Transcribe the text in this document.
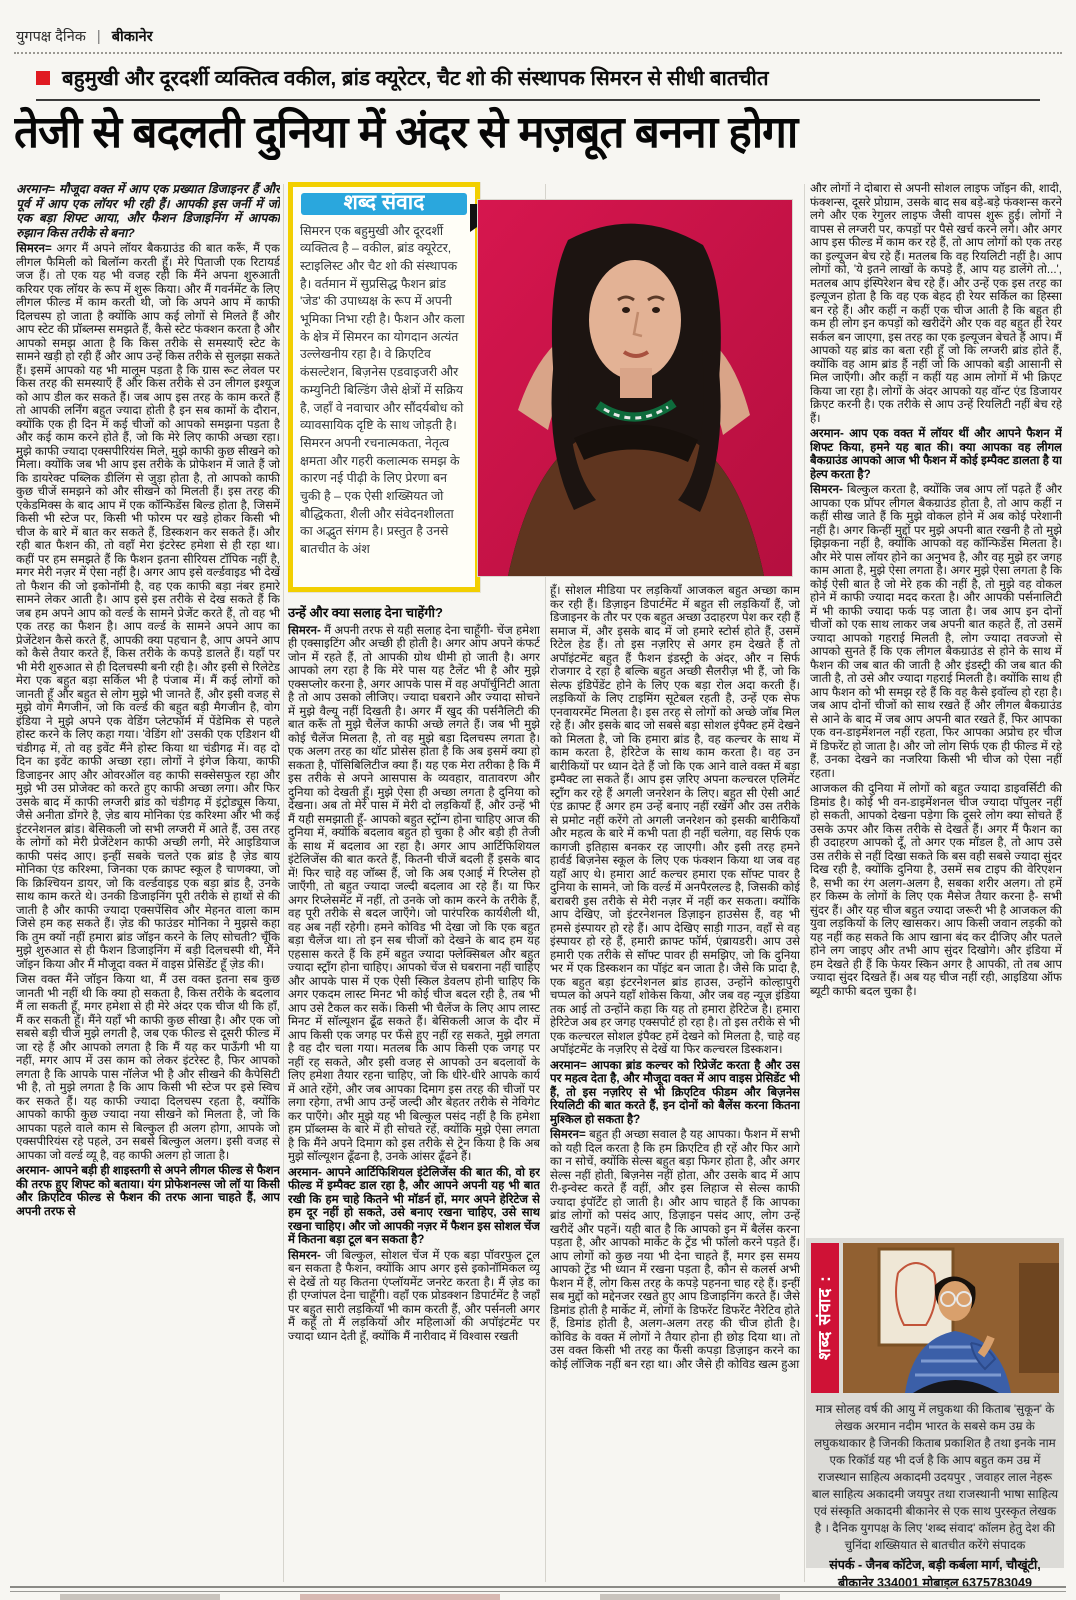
युगपक्ष दैनिक | बीकानेर
बहुमुखी और दूरदर्शी व्यक्तित्व वकील, ब्रांड क्यूरेटर, चैट शो की संस्थापक सिमरन से सीधी बातचीत
तेजी से बदलती दुनिया में अंदर से मज़बूत बनना होगा

अरमान= मौजूदा वक्त में आप एक प्रख्यात डिजाइनर हैं और पूर्व में आप एक लॉयर भी रही हैं। आपकी इस जर्नी में जो एक बड़ा शिफ्ट आया, और फैशन डिजाइनिंग में आपका रुझान किस तरीके से बना?

सिमरन= अगर मैं अपने लॉयर बैकग्राउंड की बात करूँ, मैं एक लीगल फैमिली को बिलॉन्ग करती हूँ। मेरे पिताजी एक रिटायर्ड जज हैं। तो एक यह भी वजह रही कि मैंने अपना शुरुआती करियर एक लॉयर के रूप में शुरू किया। और मैं गवर्नमेंट के लिए लीगल फील्ड में काम करती थी, जो कि अपने आप में काफी दिलचस्प हो जाता है क्योंकि आप कई लोगों से मिलते हैं और आप स्टेट की प्रॉब्लम्स समझते हैं, कैसे स्टेट फंक्शन करता है और आपको समझ आता है कि किस तरीके से समस्याएँ स्टेट के सामने खड़ी हो रही हैं और आप उन्हें किस तरीके से सुलझा सकते हैं। इसमें आपको यह भी मालूम पड़ता है कि ग्रास रूट लेवल पर किस तरह की समस्याएँ हैं और किस तरीके से उन लीगल इश्यूज को आप डील कर सकते हैं। जब आप इस तरह के काम करते हैं तो आपकी लर्निंग बहुत ज्यादा होती है इन सब कामों के दौरान, क्योंकि एक ही दिन में कई चीजों को आपको समझना पड़ता है और कई काम करने होते हैं, जो कि मेरे लिए काफी अच्छा रहा। मुझे काफी ज्यादा एक्सपीरियंस मिले, मुझे काफी कुछ सीखने को मिला। क्योंकि जब भी आप इस तरीके के प्रोफेशन में जाते हैं जो कि डायरेक्ट पब्लिक डीलिंग से जुड़ा होता है, तो आपको काफी कुछ चीजें समझने को और सीखने को मिलती हैं। इस तरह की एकेडमिक्स के बाद आप में एक कॉन्फिडेंस बिल्ड होता है, जिसमें किसी भी स्टेज पर, किसी भी फोरम पर खड़े होकर किसी भी चीज के बारे में बात कर सकते हैं, डिस्कशन कर सकते हैं। और रही बात फैशन की, तो वहाँ मेरा इंटरेस्ट हमेशा से ही रहा था। कहीं पर हम समझते हैं कि फैशन इतना सीरियस टॉपिक नहीं है, मगर मेरी नज़र में ऐसा नहीं है। अगर आप इसे वर्ल्डवाइड भी देखें तो फैशन की जो इकोनॉमी है, वह एक काफी बड़ा नंबर हमारे सामने लेकर आती है। आप इसे इस तरीके से देख सकते हैं कि जब हम अपने आप को वर्ल्ड के सामने प्रेजेंट करते हैं, तो वह भी एक तरह का फैशन है। आप वर्ल्ड के सामने अपने आप का प्रेजेंटेशन कैसे करते हैं, आपकी क्या पहचान है, आप अपने आप को कैसे तैयार करते हैं, किस तरीके के कपड़े डालते हैं। यहाँ पर भी मेरी शुरुआत से ही दिलचस्पी बनी रही है। और इसी से रिलेटेड मेरा एक बहुत बड़ा सर्किल भी है पंजाब में। मैं कई लोगों को जानती हूँ और बहुत से लोग मुझे भी जानते हैं, और इसी वजह से मुझे वोग मैगजीन, जो कि वर्ल्ड की बहुत बड़ी मैगजीन है, वोग इंडिया ने मुझे अपने एक वेडिंग प्लेटफॉर्म में पेंडेमिक से पहले होस्ट करने के लिए कहा गया। 'वेडिंग शो' उसकी एक एडिशन थी चंडीगढ़ में, तो वह इवेंट मैंने होस्ट किया था चंडीगढ़ में। वह दो दिन का इवेंट काफी अच्छा रहा। लोगों ने इंगेज किया, काफी डिजाइनर आए और ओवरऑल वह काफी सक्सेसफुल रहा और मुझे भी उस प्रोजेक्ट को करते हुए काफी अच्छा लगा। और फिर उसके बाद में काफी लग्जरी ब्रांड को चंडीगढ़ में इंट्रोड्यूस किया, जैसे अनीता डोंगरे है, ज़ेड बाय मोनिका एंड करिश्मा और भी कई इंटरनेशनल ब्रांड। बेसिकली जो सभी लग्जरी में आते हैं, उस तरह के लोगों को मेरी प्रेजेंटेशन काफी अच्छी लगी, मेरे आइडियाज काफी पसंद आए। इन्हीं सबके चलते एक ब्रांड है ज़ेड बाय मोनिका एंड करिश्मा, जिनका एक क्राफ्ट स्कूल है चाणक्या, जो कि क्रिश्चियन डायर, जो कि वर्ल्डवाइड एक बड़ा ब्रांड है, उनके साथ काम करते थे। उनकी डिजाइनिंग पूरी तरीके से हाथों से की जाती है और काफी ज्यादा एक्सपेंसिव और मेहनत वाला काम जिसे हम कह सकते हैं। ज़ेड की फाउंडर मोनिका ने मुझसे कहा कि तुम क्यों नहीं हमारा ब्रांड जॉइन करने के लिए सोचती? चूँकि मुझे शुरुआत से ही फैशन डिजाइनिंग में बड़ी दिलचस्पी थी, मैंने जॉइन किया और मैं मौजूदा वक्त में वाइस प्रेसिडेंट हूँ ज़ेड की।

जिस वक्त मैंने जॉइन किया था, मैं उस वक्त इतना सब कुछ जानती भी नहीं थी कि क्या हो सकता है, किस तरीके के बदलाव मैं ला सकती हूँ, मगर हमेशा से ही मेरे अंदर एक चीज थी कि हाँ, मैं कर सकती हूँ। मैंने यहाँ भी काफी कुछ सीखा है। और एक जो सबसे बड़ी चीज मुझे लगती है, जब एक फील्ड से दूसरी फील्ड में जा रहे हैं और आपको लगता है कि मैं यह कर पाऊँगी भी या नहीं, मगर आप में उस काम को लेकर इंटरेस्ट है, फिर आपको लगता है कि आपके पास नॉलेज भी है और सीखने की कैपेसिटी भी है, तो मुझे लगता है कि आप किसी भी स्टेज पर इसे स्विच कर सकते हैं। यह काफी ज्यादा दिलचस्प रहता है, क्योंकि आपको काफी कुछ ज्यादा नया सीखने को मिलता है, जो कि आपका पहले वाले काम से बिल्कुल ही अलग होगा, आपके जो एक्सपीरियंस रहे पहले, उन सबसे बिल्कुल अलग। इसी वजह से आपका जो वर्ल्ड व्यू है, वह काफी अलग हो जाता है।

अरमान- आपने बड़ी ही शाइस्तगी से अपने लीगल फील्ड से फैशन की तरफ हुए शिफ्ट को बताया। यंग प्रोफेशनल्स जो लॉ या किसी और क्रिएटिव फील्ड से फैशन की तरफ आना चाहते हैं, आप अपनी तरफ से

शब्द संवाद
सिमरन एक बहुमुखी और दूरदर्शी व्यक्तित्व है – वकील, ब्रांड क्यूरेटर, स्टाइलिस्ट और चैट शो की संस्थापक है। वर्तमान में सुप्रसिद्ध फैशन ब्रांड 'जेड' की उपाध्यक्ष के रूप में अपनी भूमिका निभा रही है। फैशन और कला के क्षेत्र में सिमरन का योगदान अत्यंत उल्लेखनीय रहा है। वे क्रिएटिव कंसल्टेशन, बिज़नेस एडवाइजरी और कम्युनिटी बिल्डिंग जैसे क्षेत्रों में सक्रिय है, जहाँ वे नवाचार और सौंदर्यबोध को व्यावसायिक दृष्टि के साथ जोड़ती है। सिमरन अपनी रचनात्मकता, नेतृत्व क्षमता और गहरी कलात्मक समझ के कारण नई पीढ़ी के लिए प्रेरणा बन चुकी है – एक ऐसी शख्सियत जो बौद्धिकता, शैली और संवेदनशीलता का अद्भुत संगम है। प्रस्तुत है उनसे बातचीत के अंश
उन्हें और क्या सलाह देना चाहेंगी?

सिमरन- मैं अपनी तरफ से यही सलाह देना चाहूँगी- चेंज हमेशा ही एक्साइटिंग और अच्छी ही होती है। अगर आप अपने कंफर्ट जोन में रहते हैं, तो आपकी ग्रोथ धीमी हो जाती है। अगर आपको लग रहा है कि मेरे पास यह टैलेंट भी है और मुझे एक्सप्लोर करना है, अगर आपके पास में वह अपॉर्चुनिटी आता है तो आप उसको लीजिए। ज्यादा घबराने और ज्यादा सोचने में मुझे वैल्यू नहीं दिखती है। अगर मैं खुद की पर्सनैलिटी की बात करूँ तो मुझे चैलेंज काफी अच्छे लगते हैं। जब भी मुझे कोई चैलेंज मिलता है, तो वह मुझे बड़ा दिलचस्प लगता है। एक अलग तरह का थॉट प्रोसेस होता है कि अब इसमें क्या हो सकता है, पॉसिबिलिटीज क्या हैं। यह एक मेरा तरीका है कि मैं इस तरीके से अपने आसपास के व्यवहार, वातावरण और दुनिया को देखती हूँ। मुझे ऐसा ही अच्छा लगता है दुनिया को देखना। अब तो मेरे पास में मेरी दो लड़कियाँ हैं, और उन्हें भी मैं यही समझाती हूँ- आपको बहुत स्ट्रॉन्ग होना चाहिए आज की दुनिया में, क्योंकि बदलाव बहुत हो चुका है और बड़ी ही तेजी के साथ में बदलाव आ रहा है। अगर आप आर्टिफिशियल इंटेलिजेंस की बात करते हैं, कितनी चीजें बदली हैं इसके बाद में! फिर चाहे वह जॉब्स हैं, जो कि अब एआई में रिप्लेस हो जाएँगी, तो बहुत ज्यादा जल्दी बदलाव आ रहे हैं। या फिर अगर रिप्लेसमेंट में नहीं, तो उनके जो काम करने के तरीके हैं, वह पूरी तरीके से बदल जाएँगे। जो पारंपरिक कार्यशैली थी, वह अब नहीं रहेगी। हमने कोविड भी देखा जो कि एक बहुत बड़ा चैलेंज था। तो इन सब चीजों को देखने के बाद हम यह एहसास करते हैं कि हमें बहुत ज्यादा फ्लेक्सिबल और बहुत ज्यादा स्ट्रॉंग होना चाहिए। आपको चेंज से घबराना नहीं चाहिए और आपके पास में एक ऐसी स्किल डेवलप होनी चाहिए कि अगर एकदम लास्ट मिनट भी कोई चीज बदल रही है, तब भी आप उसे टैकल कर सकें। किसी भी चैलेंज के लिए आप लास्ट मिनट में सॉल्यूशन ढूँढ सकते हैं। बेसिकली आज के दौर में आप किसी एक जगह पर फँसे हुए नहीं रह सकते, मुझे लगता है वह दौर चला गया। मतलब कि आप किसी एक जगह पर नहीं रह सकते, और इसी वजह से आपको उन बदलावों के लिए हमेशा तैयार रहना चाहिए, जो कि धीरे-धीरे आपके कार्य में आते रहेंगे, और जब आपका दिमाग इस तरह की चीजों पर लगा रहेगा, तभी आप उन्हें जल्दी और बेहतर तरीके से नेविगेट कर पाएँगे। और मुझे यह भी बिल्कुल पसंद नहीं है कि हमेशा हम प्रॉब्लम्स के बारे में ही सोचते रहें, क्योंकि मुझे ऐसा लगता है कि मैंने अपने दिमाग को इस तरीके से ट्रेन किया है कि अब मुझे सॉल्यूशन ढूँढना है, उनके आंसर ढूँढने हैं।

अरमान- आपने आर्टिफिशियल इंटेलिजेंस की बात की, वो हर फील्ड में इम्पैक्ट डाल रहा है, और आपने अपनी यह भी बात रखी कि हम चाहे कितने भी मॉडर्न हों, मगर अपने हेरिटेज से हम दूर नहीं हो सकते, उसे बनाए रखना चाहिए, उसे साथ रखना चाहिए। और जो आपकी नज़र में फैशन इस सोशल चेंज में कितना बड़ा टूल बन सकता है?

सिमरन- जी बिल्कुल, सोशल चेंज में एक बड़ा पॉवरफुल टूल बन सकता है फैशन, क्योंकि आप अगर इसे इकोनॉमिकल व्यू से देखें तो यह कितना एंप्लॉयमेंट जनरेट करता है। मैं ज़ेड का ही एग्जांपल देना चाहूँगी। वहाँ एक प्रोडक्शन डिपार्टमेंट है जहाँ पर बहुत सारी लड़कियाँ भी काम करती हैं, और पर्सनली अगर मैं कहूँ तो मैं लड़कियों और महिलाओं की अपॉइंटमेंट पर ज्यादा ध्यान देती हूँ, क्योंकि मैं नारीवाद में विश्वास रखती

हूँ। सोशल मीडिया पर लड़कियाँ आजकल बहुत अच्छा काम कर रही हैं। डिज़ाइन डिपार्टमेंट में बहुत सी लड़कियाँ हैं, जो डिजाइनर के तौर पर एक बहुत अच्छा उदाहरण पेश कर रही हैं समाज में, और इसके बाद में जो हमारे स्टोर्स होते हैं, उसमें रिटेल हेड हैं। तो इस नज़रिए से अगर हम देखते हैं तो अपॉइंटमेंट बहुत हैं फैशन इंडस्ट्री के अंदर, और न सिर्फ रोजगार दे रहा है बल्कि बहुत अच्छी सैलरीज़ भी हैं, जो कि सेल्फ इंडिपेंडेंट होने के लिए एक बड़ा रोल अदा करती हैं। लड़कियों के लिए टाइमिंग सूटेबल रहती है, उन्हें एक सेफ एनवायरमेंट मिलता है। इस तरह से लोगों को अच्छे जॉब मिल रहे हैं। और इसके बाद जो सबसे बड़ा सोशल इंपैक्ट हमें देखने को मिलता है, जो कि हमारा ब्रांड है, वह कल्चर के साथ में काम करता है, हेरिटेज के साथ काम करता है। वह उन बारीकियों पर ध्यान देते हैं जो कि एक आने वाले वक्त में बड़ा इम्पैक्ट ला सकते हैं। आप इस ज़रिए अपना कल्चरल एलिमेंट स्ट्रॉंग कर रहे हैं अगली जनरेशन के लिए। बहुत सी ऐसी आर्ट एंड क्राफ्ट हैं अगर हम उन्हें बनाए नहीं रखेंगे और उस तरीके से प्रमोट नहीं करेंगे तो अगली जनरेशन को इसकी बारीकियाँ और महत्व के बारे में कभी पता ही नहीं चलेगा, वह सिर्फ एक कागजी इतिहास बनकर रह जाएगी। और इसी तरह हमने हार्वर्ड बिज़नेस स्कूल के लिए एक फंक्शन किया था जब वह यहाँ आए थे। हमारा आर्ट कल्चर हमारा एक सॉफ्ट पावर है दुनिया के सामने, जो कि वर्ल्ड में अनपैरलल्ड है, जिसकी कोई बराबरी इस तरीके से मेरी नज़र में नहीं कर सकता। क्योंकि आप देखिए, जो इंटरनेशनल डिज़ाइन हाउसेस हैं, वह भी हमसे इंस्पायर हो रहे हैं। आप देखिए साड़ी गाउन, वहाँ से वह इंस्पायर हो रहे हैं, हमारी क्राफ्ट फॉर्म, एंब्रायडरी। आप उसे हमारी एक तरीके से सॉफ्ट पावर ही समझिए, जो कि दुनिया भर में एक डिस्कशन का पॉइंट बन जाता है। जैसे कि प्रादा है, एक बहुत बड़ा इंटरनेशनल ब्रांड हाउस, उन्होंने कोल्हापुरी चप्पल को अपने यहाँ शोकेस किया, और जब वह न्यूज़ इंडिया तक आई तो उन्होंने कहा कि यह तो हमारा हेरिटेज है। हमारा हेरिटेज अब हर जगह एक्सपोर्ट हो रहा है। तो इस तरीके से भी एक कल्चरल सोशल इंपैक्ट हमें देखने को मिलता है, चाहे वह अपॉइंटमेंट के नज़रिए से देखें या फिर कल्चरल डिस्कशन।

अरमान= आपका ब्रांड कल्चर को रिप्रेजेंट करता है और उस पर महत्व देता है, और मौजूदा वक्त में आप वाइस प्रेसिडेंट भी हैं, तो इस नज़रिए से भी क्रिएटिव फीडम और बिज़नेस रियलिटी की बात करते हैं, इन दोनों को बैलेंस करना कितना मुश्किल हो सकता है?

सिमरन= बहुत ही अच्छा सवाल है यह आपका। फैशन में सभी को यही दिल करता है कि हम क्रिएटिव ही रहें और फिर आगे का न सोचें, क्योंकि सेल्स बहुत बड़ा फिगर होता है, और अगर सेल्स नहीं होती, बिज़नेस नहीं होता, और उसके बाद में आप री-इन्वेस्ट करते हैं वहीं, और इस लिहाज से सेल्स काफी ज्यादा इंपॉर्टेंट हो जाती है। और आप चाहते हैं कि आपका ब्रांड लोगों को पसंद आए, डिज़ाइन पसंद आए, लोग उन्हें खरीदें और पहनें। यही बात है कि आपको इन में बैलेंस करना पड़ता है, और आपको मार्केट के ट्रेंड भी फॉलो करने पड़ते हैं। आप लोगों को कुछ नया भी देना चाहते हैं, मगर इस समय आपको ट्रेंड भी ध्यान में रखना पड़ता है, कौन से कलर्स अभी फैशन में हैं, लोग किस तरह के कपड़े पहनना चाह रहे हैं। इन्हीं सब मुद्दों को मद्देनजर रखते हुए आप डिजाइनिंग करते हैं। जैसे डिमांड होती है मार्केट में, लोगों के डिफरेंट डिफरेंट नैरेटिव होते हैं, डिमांड होती है, अलग-अलग तरह की चीज होती है। कोविड के वक्त में लोगों ने तैयार होना ही छोड़ दिया था। तो उस वक्त किसी भी तरह का फैंसी कपड़ा डिज़ाइन करने का कोई लॉजिक नहीं बन रहा था। और जैसे ही कोविड खत्म हुआ

और लोगों ने दोबारा से अपनी सोशल लाइफ जॉइन की, शादी, फंक्शन्स, दूसरे प्रोग्राम, उसके बाद सब बड़े-बड़े फंक्शन्स करने लगे और एक रेगुलर लाइफ जैसी वापस शुरू हुई। लोगों ने वापस से लग्जरी पर, कपड़ों पर पैसे खर्च करने लगे। और अगर आप इस फील्ड में काम कर रहे हैं, तो आप लोगों को एक तरह का इल्यूजन बेच रहे हैं। मतलब कि वह रियलिटी नहीं है। आप लोगों को, 'ये इतने लाखों के कपड़े हैं, आप यह डालेंगे तो...', मतलब आप इंस्पिरेशन बेच रहे हैं। और उन्हें एक इस तरह का इल्यूजन होता है कि वह एक बेहद ही रेयर सर्किल का हिस्सा बन रहे हैं। और कहीं न कहीं एक चीज आती है कि बहुत ही कम ही लोग इन कपड़ों को खरीदेंगे और एक वह बहुत ही रेयर सर्कल बन जाएगा, इस तरह का एक इल्यूजन बेचते हैं आप। मैं आपको यह ब्रांड का बता रही हूँ जो कि लग्जरी ब्रांड होते हैं, क्योंकि वह आम ब्रांड हैं नहीं जो कि आपको बड़ी आसानी से मिल जाएँगी। और कहीं न कहीं यह आम लोगों में भी क्रिएट किया जा रहा है। लोगों के अंदर आपको यह वॉन्ट एंड डिजायर क्रिएट करनी है। एक तरीके से आप उन्हें रियलिटी नहीं बेच रहे हैं।

अरमान- आप एक वक्त में लॉयर थीं और आपने फैशन में शिफ्ट किया, हमने यह बात की। क्या आपका वह लीगल बैकग्राउंड आपको आज भी फैशन में कोई इम्पैक्ट डालता है या हेल्प करता है?

सिमरन- बिल्कुल करता है, क्योंकि जब आप लॉ पढ़ते हैं और आपका एक प्रॉपर लीगल बैकग्राउंड होता है, तो आप कहीं न कहीं सीख जाते हैं कि मुझे वोकल होने में अब कोई परेशानी नहीं है। अगर किन्हीं मुद्दों पर मुझे अपनी बात रखनी है तो मुझे झिझकना नहीं है, क्योंकि आपको वह कॉन्फिडेंस मिलता है। और मेरे पास लॉयर होने का अनुभव है, और वह मुझे हर जगह काम आता है, मुझे ऐसा लगता है। अगर मुझे ऐसा लगता है कि कोई ऐसी बात है जो मेरे हक की नहीं है, तो मुझे वह वोकल होने में काफी ज्यादा मदद करता है। और आपकी पर्सनालिटी में भी काफी ज्यादा फर्क पड़ जाता है। जब आप इन दोनों चीजों को एक साथ लाकर जब अपनी बात कहते हैं, तो उसमें ज्यादा आपको गहराई मिलती है, लोग ज्यादा तवज्जो से आपको सुनते हैं कि एक लीगल बैकग्राउंड से होने के साथ में फैशन की जब बात की जाती है और इंडस्ट्री की जब बात की जाती है, तो उसे और ज्यादा गहराई मिलती है। क्योंकि साथ ही आप फैशन को भी समझ रहे हैं कि वह कैसे इवॉल्व हो रहा है। जब आप दोनों चीजों को साथ रखते हैं और लीगल बैकग्राउंड से आने के बाद में जब आप अपनी बात रखते हैं, फिर आपका एक वन-डाइमेंशनल नहीं रहता, फिर आपका अप्रोच हर चीज में डिफरेंट हो जाता है। और जो लोग सिर्फ एक ही फील्ड में रहे हैं, उनका देखने का नजरिया किसी भी चीज को ऐसा नहीं रहता।

आजकल की दुनिया में लोगों को बहुत ज्यादा डाइवर्सिटी की डिमांड है। कोई भी वन-डाइमेंशनल चीज ज्यादा पॉपुलर नहीं हो सकती, आपको देखना पड़ेगा कि दूसरे लोग क्या सोचते हैं उसके ऊपर और किस तरीके से देखते हैं। अगर मैं फैशन का ही उदाहरण आपको दूँ, तो अगर एक मॉडल है, तो आप उसे उस तरीके से नहीं दिखा सकते कि बस वही सबसे ज्यादा सुंदर दिख रही है, क्योंकि दुनिया है, उसमें सब टाइप की वेरिएशन है, सभी का रंग अलग-अलग है, सबका शरीर अलग। तो हमें हर किस्म के लोगों के लिए एक मैसेज तैयार करना है- सभी सुंदर हैं। और यह चीज बहुत ज्यादा जरूरी भी है आजकल की युवा लड़कियों के लिए खासकर। आप किसी जवान लड़की को यह नहीं कह सकते कि आप खाना बंद कर दीजिए और पतले होने लग जाइए और तभी आप सुंदर दिखोगे। और इंडिया में हम देखते ही हैं कि फेयर स्किन अगर है आपकी, तो तब आप ज्यादा सुंदर दिखते हैं। अब यह चीज नहीं रही, आइडिया ऑफ ब्यूटी काफी बदल चुका है।

शब्द संवाद :
मात्र सोलह वर्ष की आयु में लघुकथा की किताब 'सुकून' के लेखक अरमान नदीम भारत के सबसे कम उम्र के लघुकथाकार है जिनकी किताब प्रकाशित है तथा इनके नाम एक रिकॉर्ड यह भी दर्ज है कि आप बहुत कम उम्र में राजस्थान साहित्य अकादमी उदयपुर , जवाहर लाल नेहरू बाल साहित्य अकादमी जयपुर तथा राजस्थानी भाषा साहित्य एवं संस्कृति अकादमी बीकानेर से एक साथ पुरस्कृत लेखक है । दैनिक युगपक्ष के लिए 'शब्द संवाद' कॉलम हेतु देश की चुनिंदा शख्सियात से बातचीत करेंगे संपादक
संपर्क - जैनब कॉटेज, बड़ी कर्बला मार्ग, चौखूंटी, बीकानेर 334001 मोबाइल 6375783049
